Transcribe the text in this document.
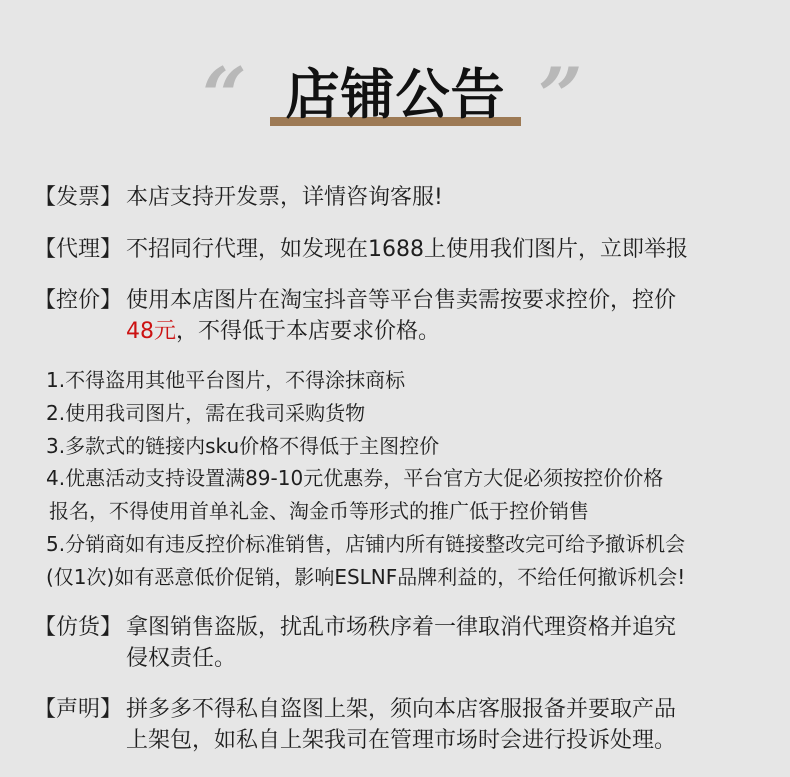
“ 店铺公告 ”
【发票】 本店支持开发票，详情咨询客服!
【代理】 不招同行代理，如发现在1688上使用我们图片，立即举报
【控价】 使用本店图片在淘宝抖音等平台售卖需按要求控价，控价
48元，不得低于本店要求价格。
1.不得盗用其他平台图片，不得涂抹商标
2.使用我司图片，需在我司采购货物
3.多款式的链接内sku价格不得低于主图控价
4.优惠活动支持设置满89-10元优惠券，平台官方大促必须按控价价格
报名，不得使用首单礼金、淘金币等形式的推广低于控价销售
5.分销商如有违反控价标准销售，店铺内所有链接整改完可给予撤诉机会
(仅1次)如有恶意低价促销，影响ESLNF品牌利益的，不给任何撤诉机会!
【仿货】 拿图销售盗版，扰乱市场秩序着一律取消代理资格并追究
侵权责任。
【声明】 拼多多不得私自盗图上架，须向本店客服报备并要取产品
上架包，如私自上架我司在管理市场时会进行投诉处理。
